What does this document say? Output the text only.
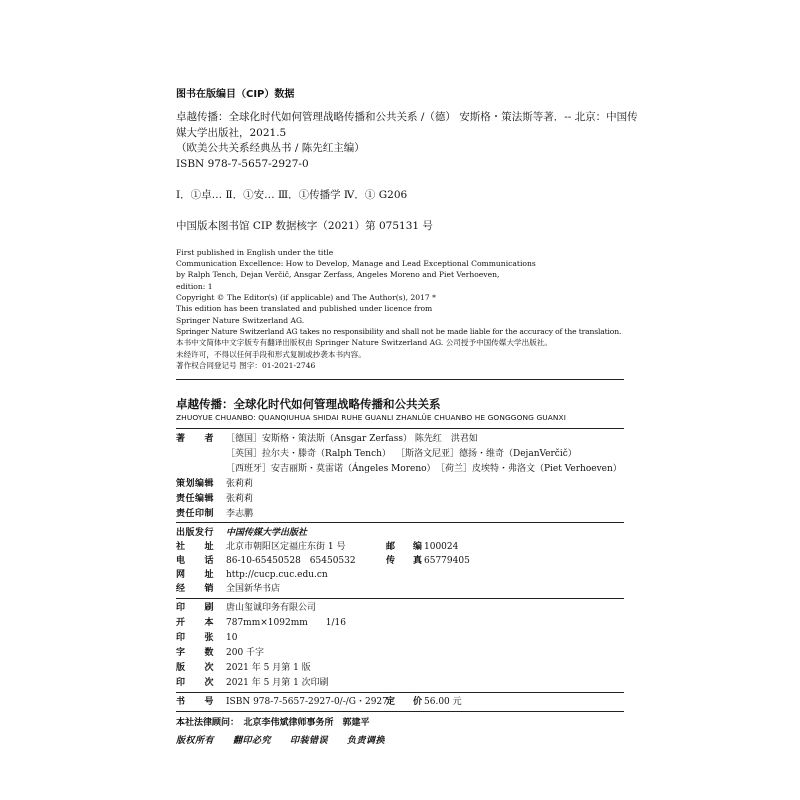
图书在版编目（CIP）数据
卓越传播：全球化时代如何管理战略传播和公共关系 /（德） 安斯格・策法斯等著．-- 北京：中国传
媒大学出版社，2021.5
（欧美公共关系经典丛书 / 陈先红主编）
ISBN 978-7-5657-2927-0
Ⅰ．①卓… Ⅱ．①安… Ⅲ．①传播学 Ⅳ．① G206
中国版本图书馆 CIP 数据核字（2021）第 075131 号
First published in English under the title
Communication Excellence: How to Develop, Manage and Lead Exceptional Communications
by Ralph Tench, Dejan Verčič, Ansgar Zerfass, Angeles Moreno and Piet Verhoeven,
edition: 1
Copyright © The Editor(s) (if applicable) and The Author(s), 2017 *
This edition has been translated and published under licence from
Springer Nature Switzerland AG.
Springer Nature Switzerland AG takes no responsibility and shall not be made liable for the accuracy of the translation.
本书中文简体中文字版专有翻译出版权由 Springer Nature Switzerland AG. 公司授予中国传媒大学出版社。
未经许可，不得以任何手段和形式复制或抄袭本书内容。
著作权合同登记号 图字：01-2021-2746
卓越传播：全球化时代如何管理战略传播和公共关系
ZHUOYUE CHUANBO: QUANQIUHUA SHIDAI RUHE GUANLI ZHANLÜE CHUANBO HE GONGGONG GUANXI
著　　者 ［德国］安斯格・策法斯（Ansgar Zerfass） 陈先红　洪君如
［英国］拉尔夫・滕奇（Ralph Tench） ［斯洛文尼亚］德扬・维奇（DejanVerčič）
［西班牙］安吉丽斯・莫雷诺（Ángeles Moreno） ［荷兰］皮埃特・弗洛文（Piet Verhoeven）
策划编辑 张莉莉
责任编辑 张莉莉
责任印制 李志鹏
出版发行 中国传媒大学出版社
社　　址 北京市朝阳区定福庄东街 1 号	邮　　编 100024
电　　话 86-10-65450528　65450532	传　　真 65779405
网　　址 http://cucp.cuc.edu.cn
经　　销 全国新华书店
印　　刷 唐山玺诚印务有限公司
开　　本 787mm×1092mm　　1/16
印　　张 10
字　　数 200 千字
版　　次 2021 年 5 月第 1 版
印　　次 2021 年 5 月第 1 次印刷
书　　号 ISBN 978-7-5657-2927-0/-/G・2927
定　　价 56.00 元
本社法律顾问：　北京李伟斌律师事务所　郭建平
版权所有　　翻印必究　　印装错误　　负责调换
